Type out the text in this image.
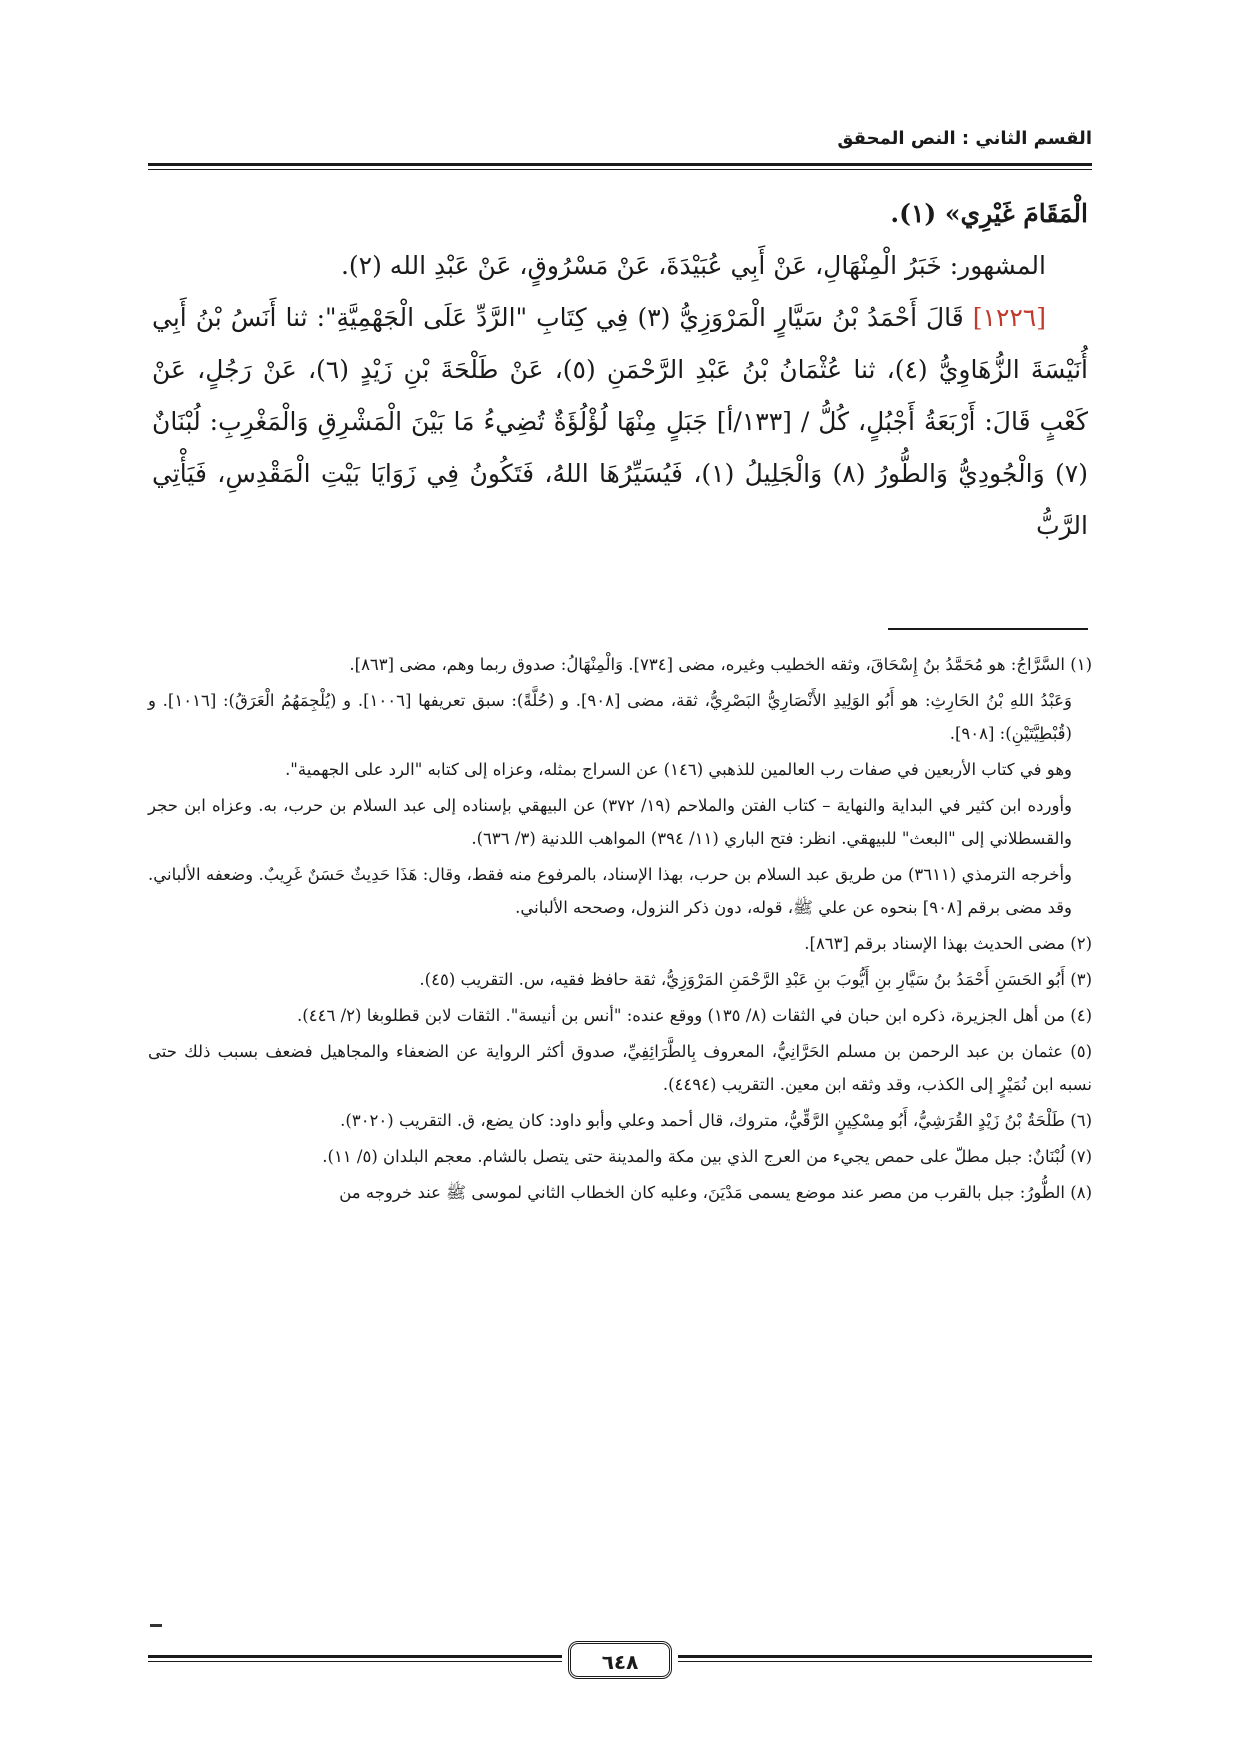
القسم الثاني : النص المحقق

الْمَقَامَ غَيْرِي» (١).

المشهور: خَبَرُ الْمِنْهَالِ، عَنْ أَبِي عُبَيْدَةَ، عَنْ مَسْرُوقٍ، عَنْ عَبْدِ الله (٢).

[١٢٢٦] قَالَ أَحْمَدُ بْنُ سَيَّارٍ الْمَرْوَزِيُّ (٣) فِي كِتَابِ "الرَّدِّ عَلَى الْجَهْمِيَّةِ": ثنا أَنَسُ بْنُ أَبِي أُنَيْسَةَ الزُّهَاوِيُّ (٤)، ثنا عُثْمَانُ بْنُ عَبْدِ الرَّحْمَنِ (٥)، عَنْ طَلْحَةَ بْنِ زَيْدٍ (٦)، عَنْ رَجُلٍ، عَنْ كَعْبٍ قَالَ: أَرْبَعَةُ أَجْبُلٍ، كُلُّ / [١٣٣/أ] جَبَلٍ مِنْهَا لُؤْلُؤَةٌ تُضِيءُ مَا بَيْنَ الْمَشْرِقِ وَالْمَغْرِبِ: لُبْنَانٌ (٧) وَالْجُودِيُّ وَالطُّورُ (٨) وَالْجَلِيلُ (١)، فَيُسَيِّرُهَا اللهُ، فَتَكُونُ فِي زَوَايَا بَيْتِ الْمَقْدِسِ، فَيَأْتِي الرَّبُّ

(١) السَّرَّاجُ: هو مُحَمَّدُ بنُ إِسْحَاقَ، وثقه الخطيب وغيره، مضى [٧٣٤]. وَالْمِنْهَالُ: صدوق ربما وهم، مضى [٨٦٣].

وَعَبْدُ اللهِ بْنُ الحَارِثِ: هو أَبُو الوَلِيدِ الأَنْصَارِيُّ البَصْرِيُّ، ثقة، مضى [٩٠٨]. و (حُلَّةً): سبق تعريفها [١٠٠٦]. و (يُلْجِمَهُمُ الْعَرَقُ): [١٠١٦]. و (قُبْطِيَّتَيْنِ): [٩٠٨].

وهو في كتاب الأربعين في صفات رب العالمين للذهبي (١٤٦) عن السراج بمثله، وعزاه إلى كتابه "الرد على الجهمية".

وأورده ابن كثير في البداية والنهاية – كتاب الفتن والملاحم (١٩/ ٣٧٢) عن البيهقي بإسناده إلى عبد السلام بن حرب، به. وعزاه ابن حجر والقسطلاني إلى "البعث" للبيهقي. انظر: فتح الباري (١١/ ٣٩٤) المواهب اللدنية (٣/ ٦٣٦).

وأخرجه الترمذي (٣٦١١) من طريق عبد السلام بن حرب، بهذا الإسناد، بالمرفوع منه فقط، وقال: هَذَا حَدِيثٌ حَسَنٌ غَرِيبٌ. وضعفه الألباني. وقد مضى برقم [٩٠٨] بنحوه عن علي ﷺ، قوله، دون ذكر النزول، وصححه الألباني.

(٢) مضى الحديث بهذا الإسناد برقم [٨٦٣].

(٣) أَبُو الحَسَنِ أَحْمَدُ بنُ سَيَّارِ بنِ أَيُّوبَ بنِ عَبْدِ الرَّحْمَنِ المَرْوَزِيُّ، ثقة حافظ فقيه، س. التقريب (٤٥).

(٤) من أهل الجزيرة، ذكره ابن حبان في الثقات (٨/ ١٣٥) ووقع عنده: "أنس بن أنيسة". الثقات لابن قطلوبغا (٢/ ٤٤٦).

(٥) عثمان بن عبد الرحمن بن مسلم الحَرَّانِيُّ، المعروف بِالطَّرَائِفِيِّ، صدوق أكثر الرواية عن الضعفاء والمجاهيل فضعف بسبب ذلك حتى نسبه ابن نُمَيْرٍ إلى الكذب، وقد وثقه ابن معين. التقريب (٤٤٩٤).

(٦) طَلْحَةُ بْنُ زَيْدٍ القُرَشِيُّ، أَبُو مِسْكِينٍ الرَّقِّيُّ، متروك، قال أحمد وعلي وأبو داود: كان يضع، ق. التقريب (٣٠٢٠).

(٧) لُبْنَانٌ: جبل مطلّ على حمص يجيء من العرج الذي بين مكة والمدينة حتى يتصل بالشام. معجم البلدان (٥/ ١١).

(٨) الطُّورُ: جبل بالقرب من مصر عند موضع يسمى مَدْيَنَ، وعليه كان الخطاب الثاني لموسى ﷺ عند خروجه من

٦٤٨
